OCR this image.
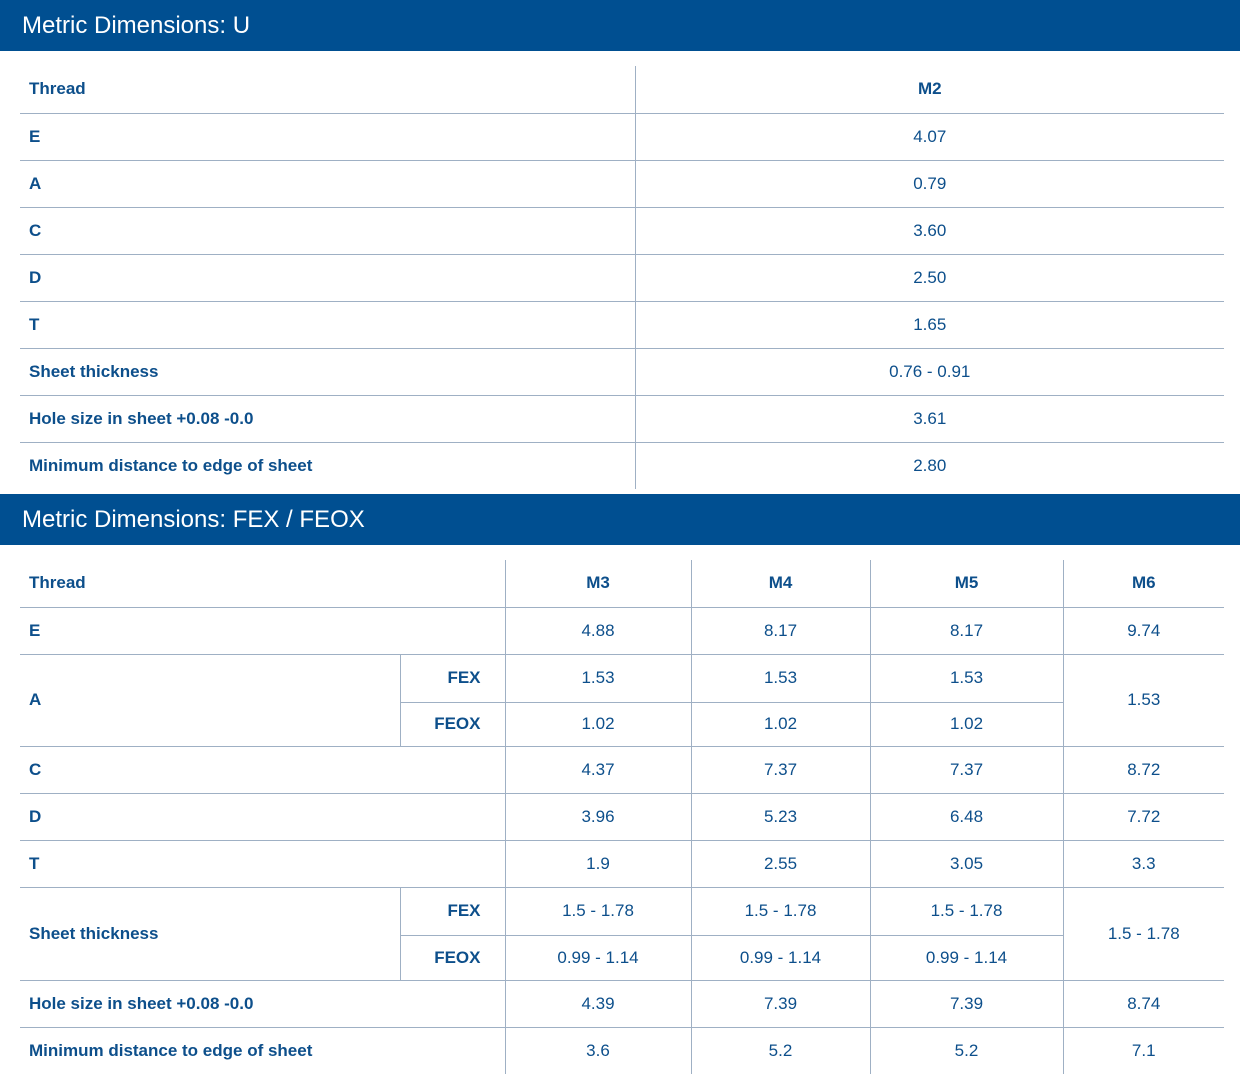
Metric Dimensions: U
Thread	M2
E	4.07
A	0.79
C	3.60
D	2.50
T	1.65
Sheet thickness	0.76 - 0.91
Hole size in sheet +0.08 -0.0	3.61
Minimum distance to edge of sheet	2.80
Metric Dimensions: FEX / FEOX
Thread		M3	M4	M5	M6
E		4.88	8.17	8.17	9.74
A	FEX	1.53	1.53	1.53	1.53
	FEOX	1.02	1.02	1.02	
C		4.37	7.37	7.37	8.72
D		3.96	5.23	6.48	7.72
T		1.9	2.55	3.05	3.3
Sheet thickness	FEX	1.5 - 1.78	1.5 - 1.78	1.5 - 1.78	1.5 - 1.78
	FEOX	0.99 - 1.14	0.99 - 1.14	0.99 - 1.14	
Hole size in sheet +0.08 -0.0		4.39	7.39	7.39	8.74
Minimum distance to edge of sheet		3.6	5.2	5.2	7.1
